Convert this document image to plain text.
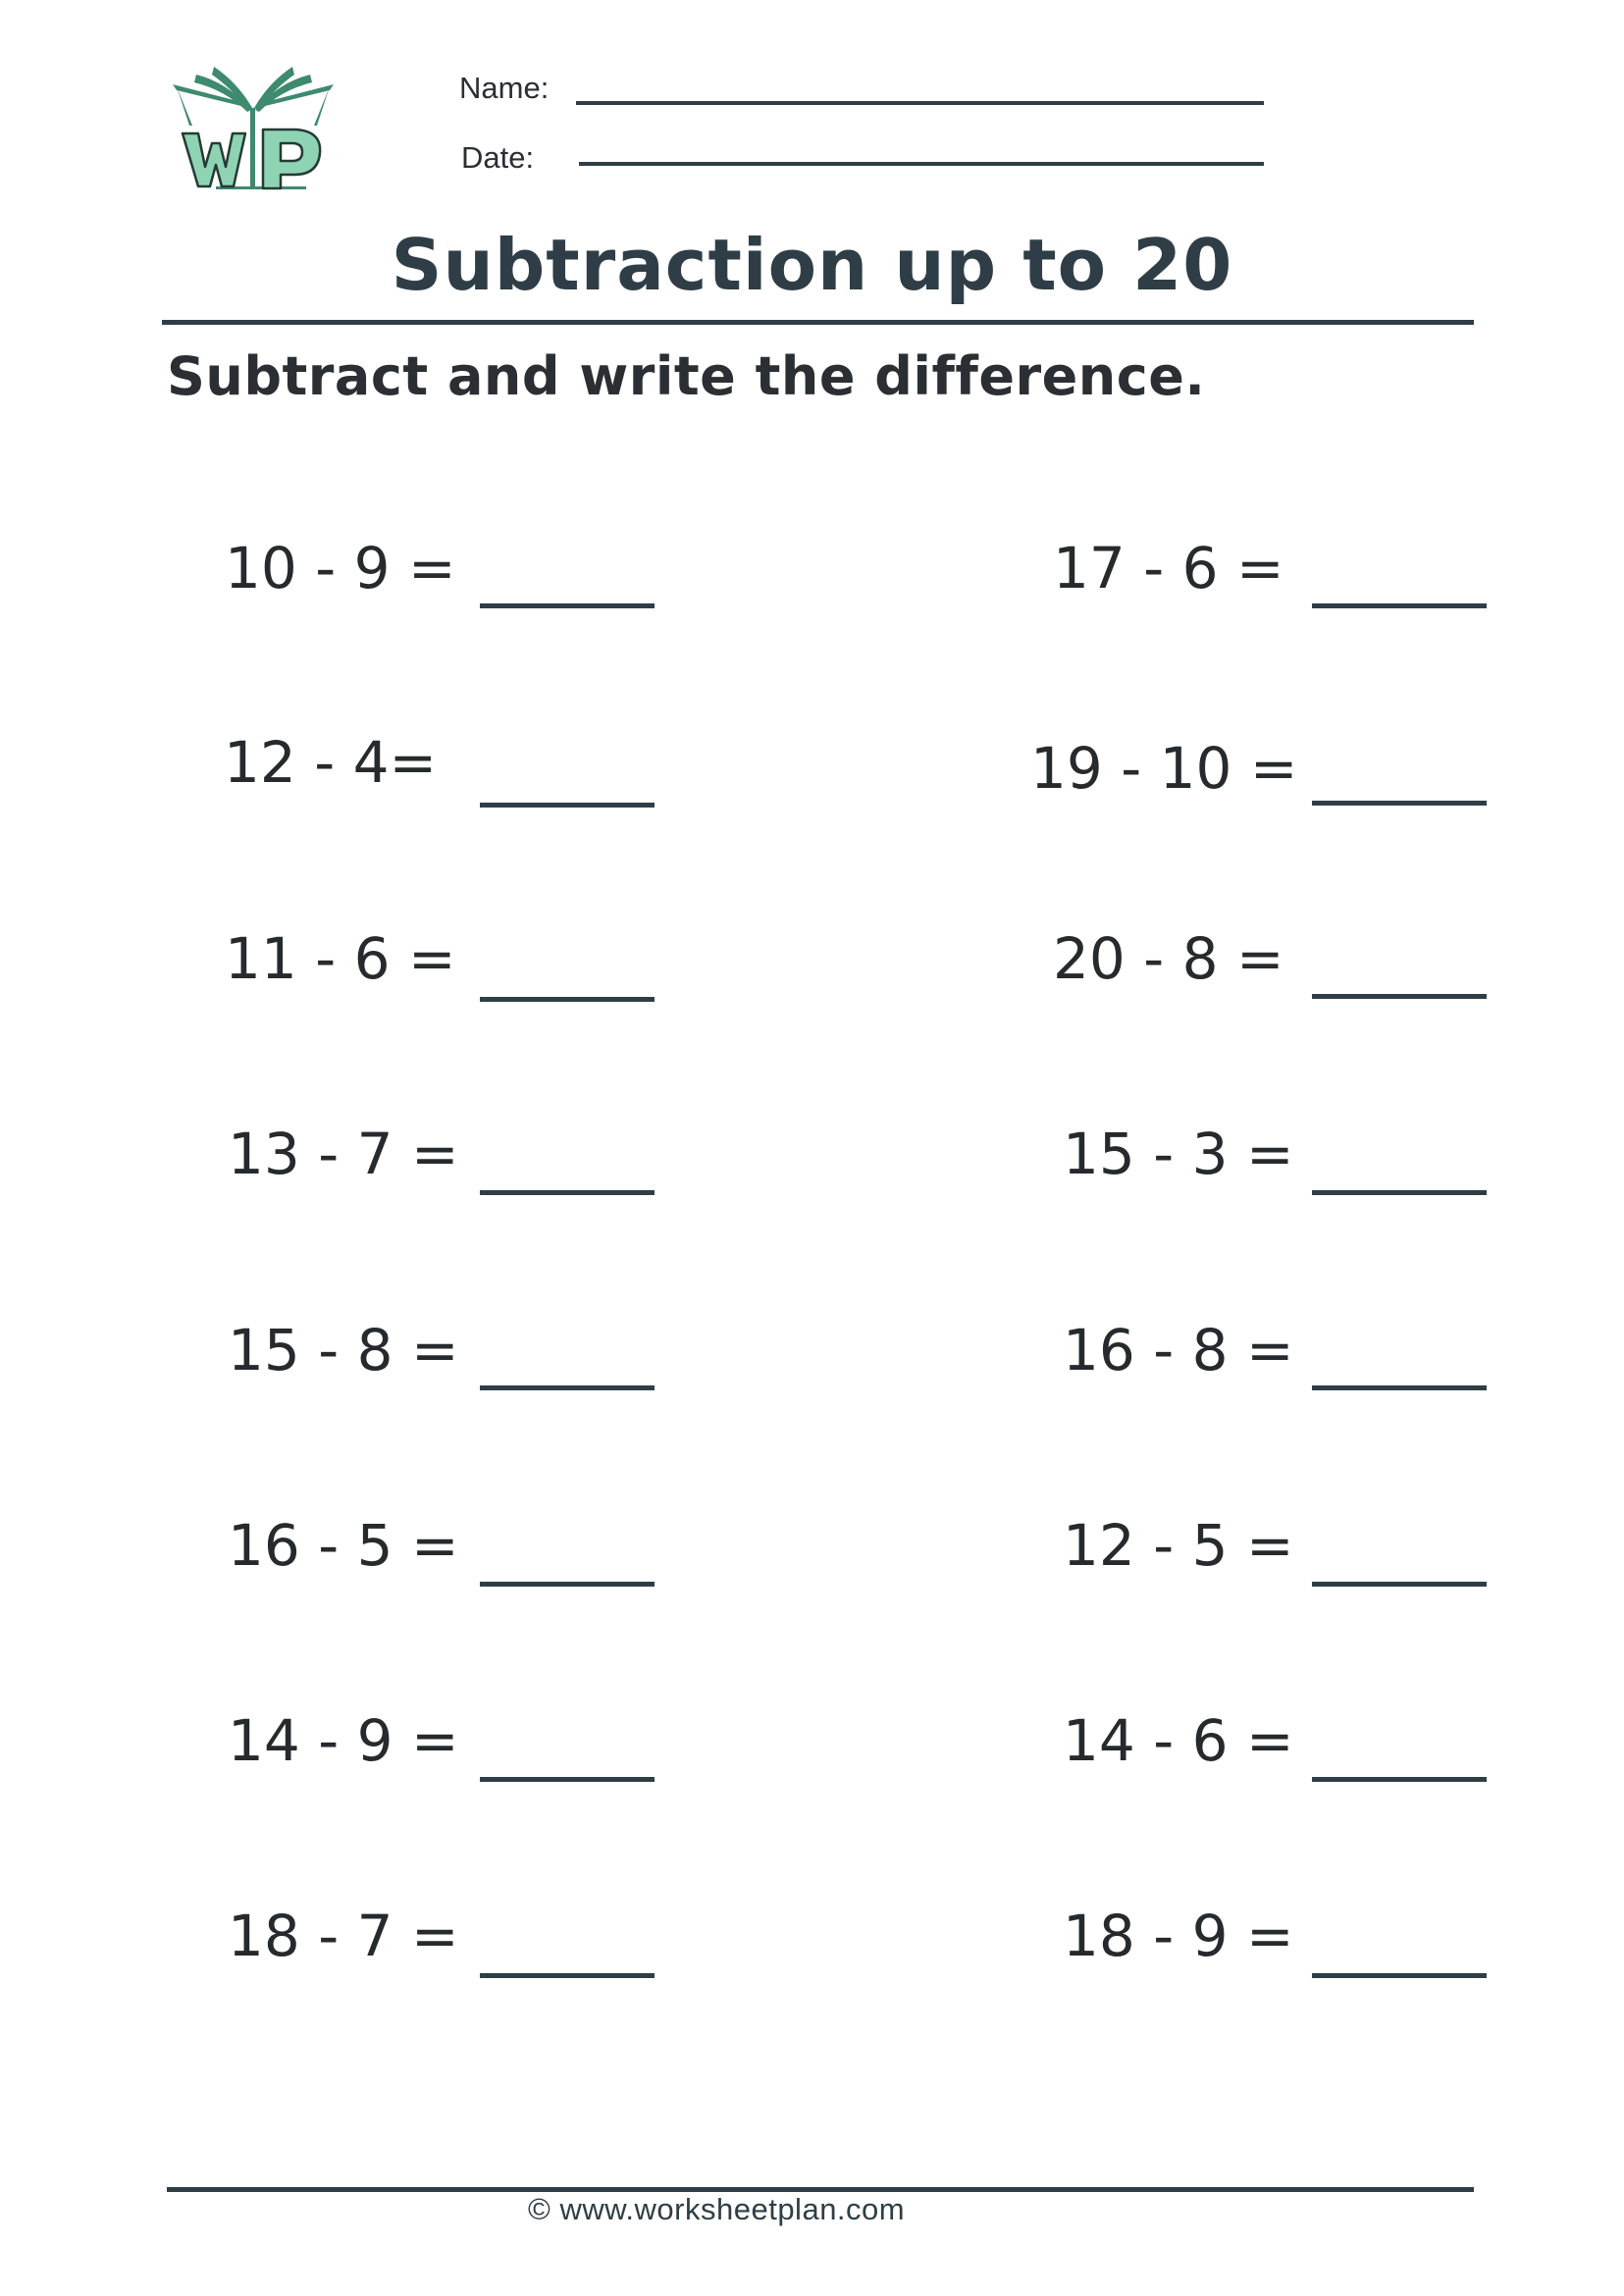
Name:
Date:
Subtraction up to 20
Subtract and write the difference.
10 - 9 =
12 - 4=
11 - 6 =
13 - 7 =
15 - 8 =
16 - 5 =
14 - 9 =
18 - 7 =
17 - 6 =
19 - 10 =
20 - 8 =
15 - 3 =
16 - 8 =
12 - 5 =
14 - 6 =
18 - 9 =
© www.worksheetplan.com
